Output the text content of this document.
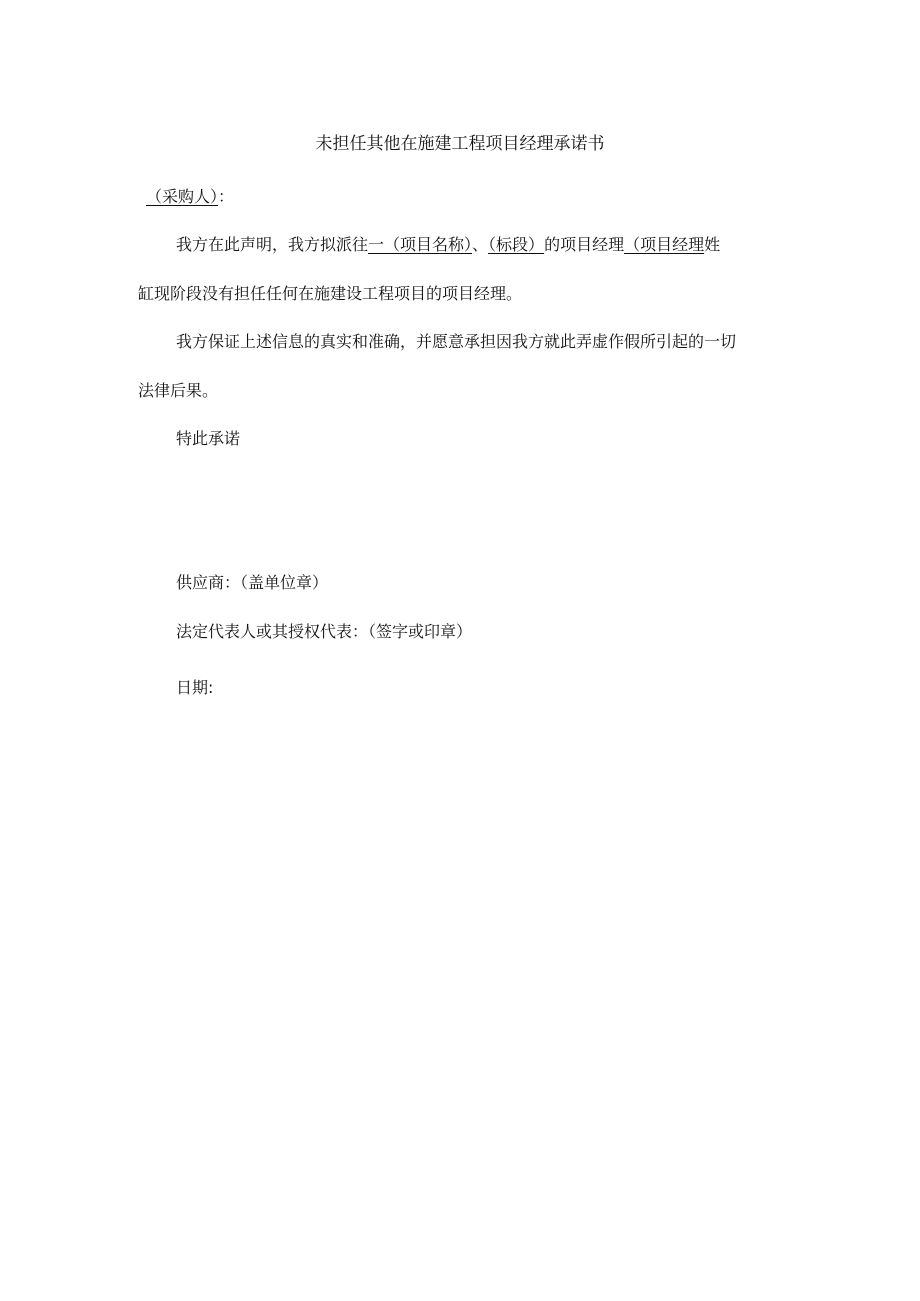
未担任其他在施建工程项目经理承诺书
（采购人）：
我方在此声明，我方拟派往一（项目名称）、（标段）的项目经理（项目经理姓
缸现阶段没有担任任何在施建设工程项目的项目经理。
我方保证上述信息的真实和准确，并愿意承担因我方就此弄虚作假所引起的一切
法律后果。
特此承诺
供应商：（盖单位章）
法定代表人或其授权代表：（签字或印章）
日期:
